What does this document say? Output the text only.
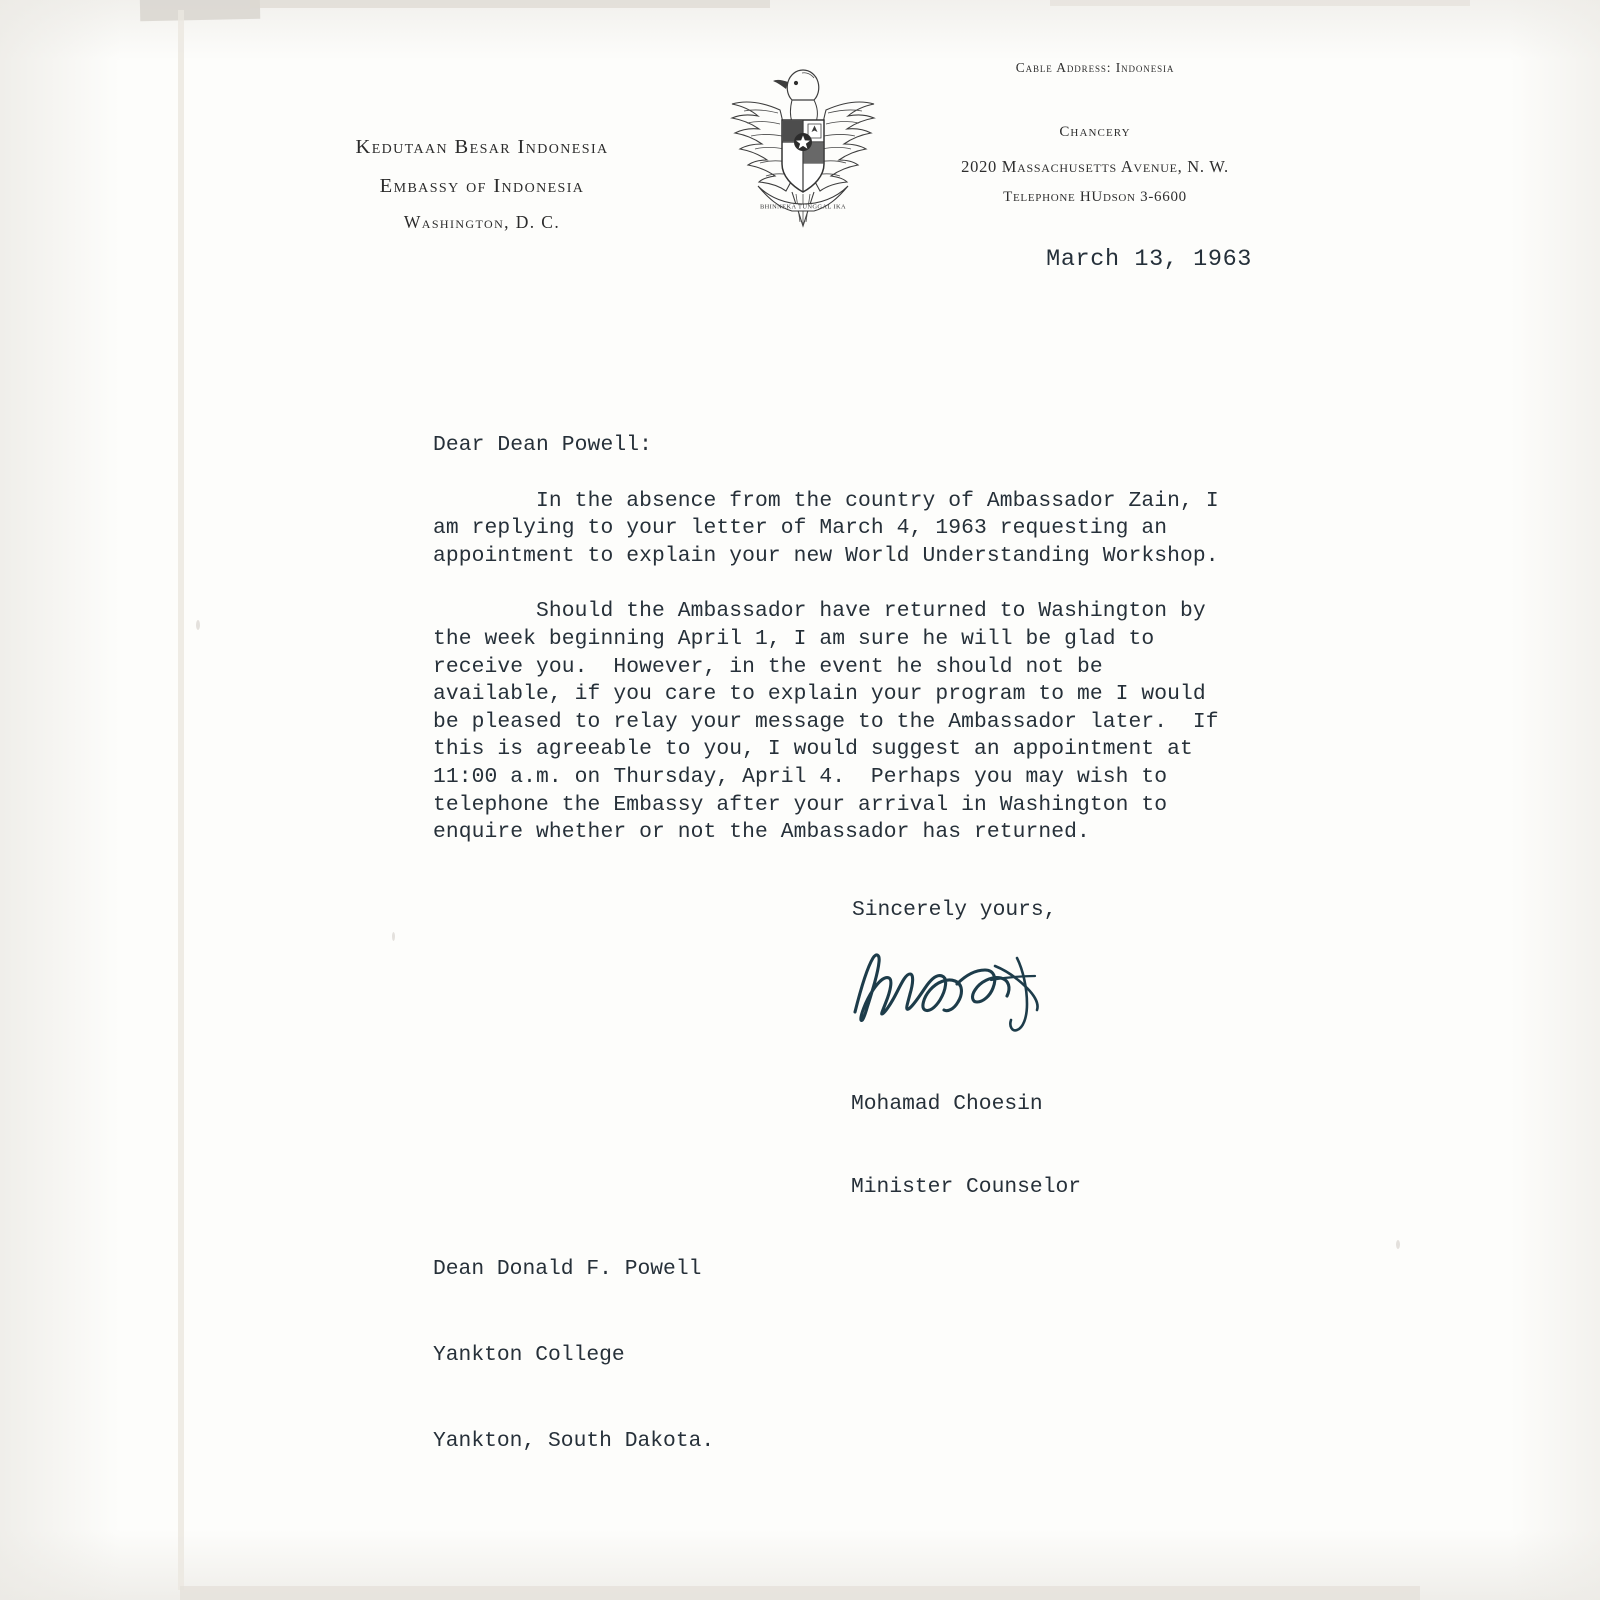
Kedutaan Besar Indonesia
Embassy of Indonesia
Washington, D. C.
BHINNEKA TUNGGAL IKA
Cable Address: Indonesia
Chancery
2020 Massachusetts Avenue, N. W.
Telephone HUdson 3-6600
March 13, 1963
Dear Dean Powell:
In the absence from the country of Ambassador Zain, I am replying to your letter of March 4, 1963 requesting an appointment to explain your new World Understanding Workshop.
Should the Ambassador have returned to Washington by the week beginning April 1, I am sure he will be glad to receive you.  However, in the event he should not be available, if you care to explain your program to me I would be pleased to relay your message to the Ambassador later.  If this is agreeable to you, I would suggest an appointment at 11:00 a.m. on Thursday, April 4.  Perhaps you may wish to telephone the Embassy after your arrival in Washington to enquire whether or not the Ambassador has returned.
Sincerely yours,

Mohamad Choesin

Minister Counselor

Dean Donald F. Powell

Yankton College

Yankton, South Dakota.
